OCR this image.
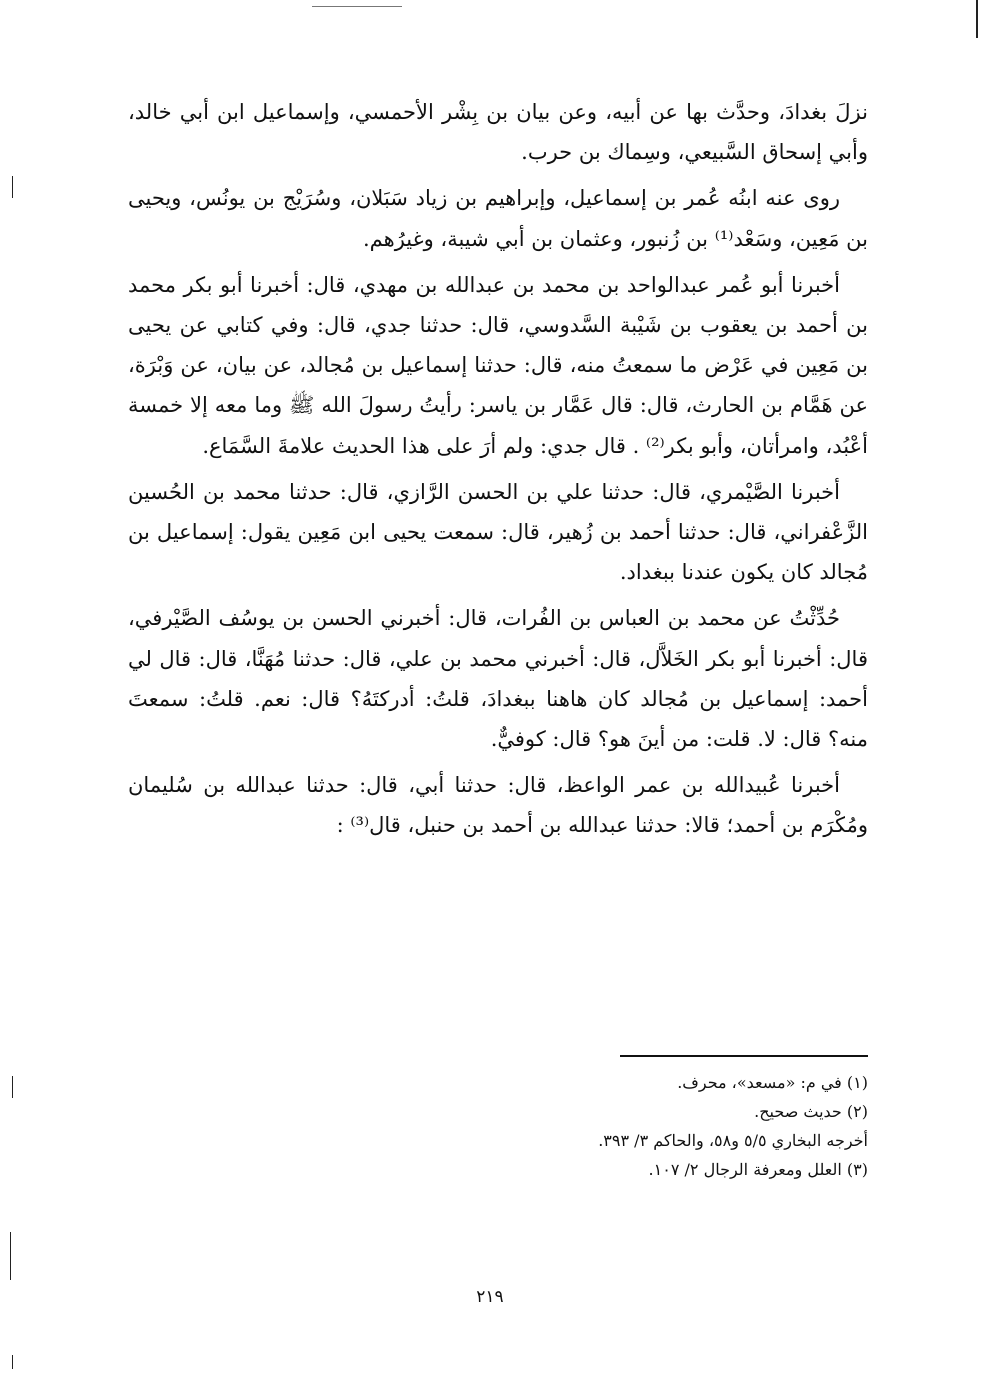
نزلَ بغدادَ، وحدَّث بها عن أبيه، وعن بيان بن بِشْر الأحمسي، وإسماعيل ابن أبي خالد، وأبي إسحاق السَّبيعي، وسِماك بن حرب.

روى عنه ابنُه عُمر بن إسماعيل، وإبراهيم بن زياد سَبَلان، وسُرَيْج بن يونُس، ويحيى بن مَعِين، وسَعْد⁽¹⁾ بن زُنبور، وعثمان بن أبي شيبة، وغيرُهم.

أخبرنا أبو عُمر عبدالواحد بن محمد بن عبدالله بن مهدي، قال: أخبرنا أبو بكر محمد بن أحمد بن يعقوب بن شَيْبة السَّدوسي، قال: حدثنا جدي، قال: وفي كتابي عن يحيى بن مَعِين في عَرْض ما سمعتُ منه، قال: حدثنا إسماعيل بن مُجالد، عن بيان، عن وَبْرَة، عن هَمَّام بن الحارث، قال: قال عَمَّار بن ياسر: رأيتُ رسولَ الله ﷺ وما معه إلا خمسة أعْبُد، وامرأتان، وأبو بكر⁽²⁾ . قال جدي: ولم أرَ على هذا الحديث علامةَ السَّمَاع.

أخبرنا الصَّيْمري، قال: حدثنا علي بن الحسن الرَّازي، قال: حدثنا محمد بن الحُسين الزَّعْفراني، قال: حدثنا أحمد بن زُهير، قال: سمعت يحيى ابن مَعِين يقول: إسماعيل بن مُجالد كان يكون عندنا ببغداد.

حُدِّثْتُ عن محمد بن العباس بن الفُرات، قال: أخبرني الحسن بن يوسُف الصَّيْرفي، قال: أخبرنا أبو بكر الخَلاَّل، قال: أخبرني محمد بن علي، قال: حدثنا مُهَنَّا، قال: قال لي أحمد: إسماعيل بن مُجالد كان هاهنا ببغدادَ، قلتُ: أدركتَهُ؟ قال: نعم. قلتُ: سمعتَ منه؟ قال: لا. قلت: من أينَ هو؟ قال: كوفيٌّ.

أخبرنا عُبيدالله بن عمر الواعظ، قال: حدثنا أبي، قال: حدثنا عبدالله بن سُليمان ومُكْرَم بن أحمد؛ قالا: حدثنا عبدالله بن أحمد بن حنبل، قال⁽³⁾ :

(١) في م: «مسعد»، محرف.

(٢) حديث صحيح.

أخرجه البخاري ٥/٥ و٥٨، والحاكم ٣/ ٣٩٣.

(٣) العلل ومعرفة الرجال ٢/ ١٠٧.

٢١٩
